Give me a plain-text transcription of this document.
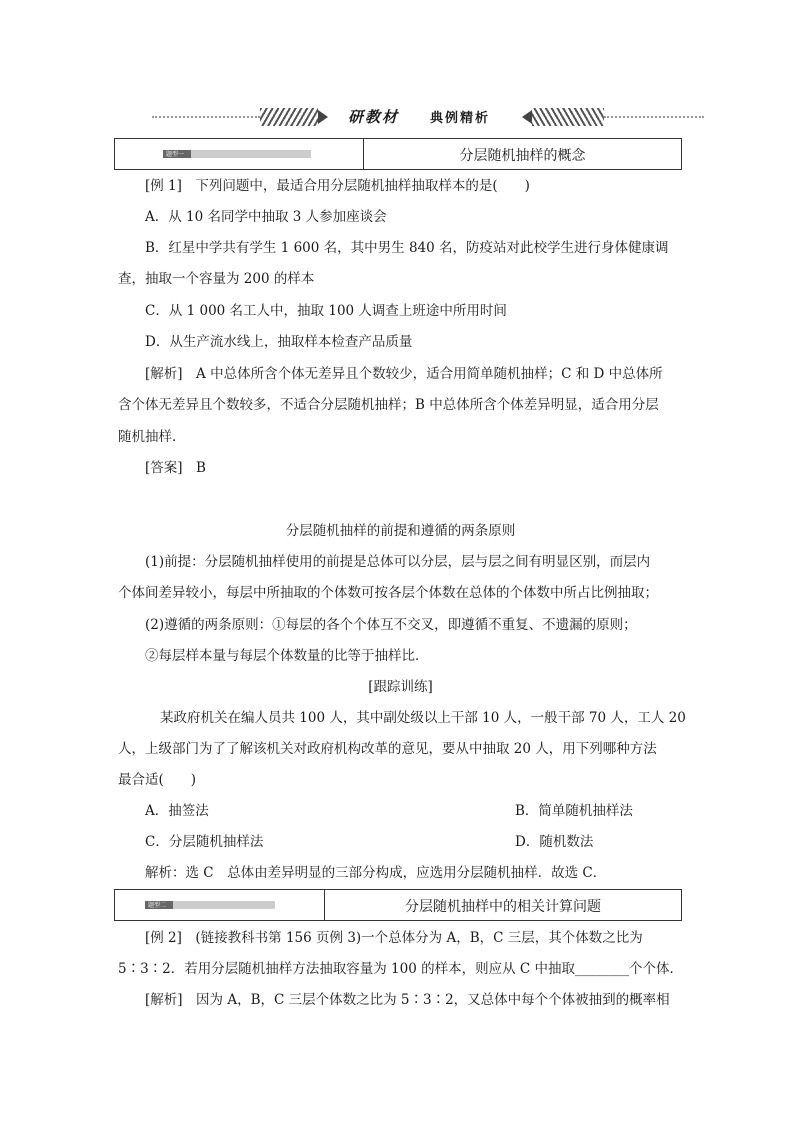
研教材 典例精析
题型一	分层随机抽样的概念
[例 1]　下列问题中，最适合用分层随机抽样抽取样本的是(　　)
A．从 10 名同学中抽取 3 人参加座谈会
B．红星中学共有学生 1 600 名，其中男生 840 名，防疫站对此校学生进行身体健康调
查，抽取一个容量为 200 的样本
C．从 1 000 名工人中，抽取 100 人调查上班途中所用时间
D．从生产流水线上，抽取样本检查产品质量
[解析]　A 中总体所含个体无差异且个数较少，适合用简单随机抽样；C 和 D 中总体所
含个体无差异且个数较多，不适合分层随机抽样；B 中总体所含个体差异明显，适合用分层
随机抽样．
[答案]　B
分层随机抽样的前提和遵循的两条原则
(1)前提：分层随机抽样使用的前提是总体可以分层，层与层之间有明显区别，而层内
个体间差异较小，每层中所抽取的个体数可按各层个体数在总体的个体数中所占比例抽取；
(2)遵循的两条原则：①每层的各个个体互不交叉，即遵循不重复、不遗漏的原则；
②每层样本量与每层个体数量的比等于抽样比．
[跟踪训练]
某政府机关在编人员共 100 人，其中副处级以上干部 10 人，一般干部 70 人，工人 20
人，上级部门为了了解该机关对政府机构改革的意见，要从中抽取 20 人，用下列哪种方法
最合适(　　)
A．抽签法	B．简单随机抽样法
C．分层随机抽样法	D．随机数法
解析：选 C　总体由差异明显的三部分构成，应选用分层随机抽样．故选 C．
题型二	分层随机抽样中的相关计算问题
[例 2]　(链接教科书第 156 页例 3)一个总体分为 A，B，C 三层，其个体数之比为
5∶3∶2．若用分层随机抽样方法抽取容量为 100 的样本，则应从 C 中抽取________个个体．
[解析]　因为 A，B，C 三层个体数之比为 5∶3∶2，又总体中每个个体被抽到的概率相
